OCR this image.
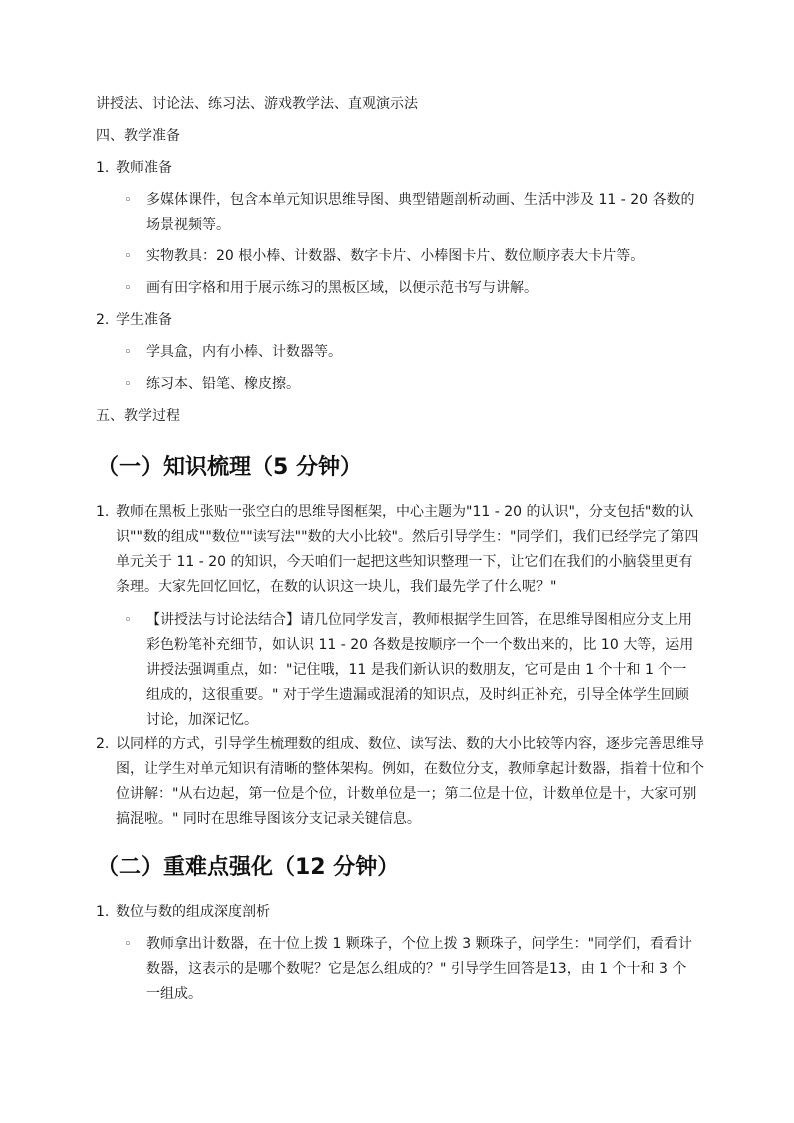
讲授法、讨论法、练习法、游戏教学法、直观演示法

四、教学准备

1. 教师准备

◦	多媒体课件，包含本单元知识思维导图、典型错题剖析动画、生活中涉及 11 - 20 各数的场景视频等。

◦	实物教具：20 根小棒、计数器、数字卡片、小棒图卡片、数位顺序表大卡片等。

◦	画有田字格和用于展示练习的黑板区域，以便示范书写与讲解。

2. 学生准备

◦	学具盒，内有小棒、计数器等。

◦	练习本、铅笔、橡皮擦。

五、教学过程

（一）知识梳理（5 分钟）
1. 教师在黑板上张贴一张空白的思维导图框架，中心主题为"11 - 20 的认识"，分支包括"数的认识""数的组成""数位""读写法""数的大小比较"。然后引导学生："同学们，我们已经学完了第四单元关于 11 - 20 的知识，今天咱们一起把这些知识整理一下，让它们在我们的小脑袋里更有条理。大家先回忆回忆，在数的认识这一块儿，我们最先学了什么呢？"

◦	【讲授法与讨论法结合】请几位同学发言，教师根据学生回答，在思维导图相应分支上用彩色粉笔补充细节，如认识 11 - 20 各数是按顺序一个一个数出来的，比 10 大等，运用讲授法强调重点，如："记住哦，11 是我们新认识的数朋友，它可是由 1 个十和 1 个一组成的，这很重要。" 对于学生遗漏或混淆的知识点，及时纠正补充，引导全体学生回顾讨论，加深记忆。

2. 以同样的方式，引导学生梳理数的组成、数位、读写法、数的大小比较等内容，逐步完善思维导图，让学生对单元知识有清晰的整体架构。例如，在数位分支，教师拿起计数器，指着十位和个位讲解："从右边起，第一位是个位，计数单位是一；第二位是十位，计数单位是十，大家可别搞混啦。" 同时在思维导图该分支记录关键信息。

（二）重难点强化（12 分钟）
1. 数位与数的组成深度剖析

◦	教师拿出计数器，在十位上拨 1 颗珠子，个位上拨 3 颗珠子，问学生："同学们，看看计数器，这表示的是哪个数呢？它是怎么组成的？" 引导学生回答是13，由 1 个十和 3 个一组成。
